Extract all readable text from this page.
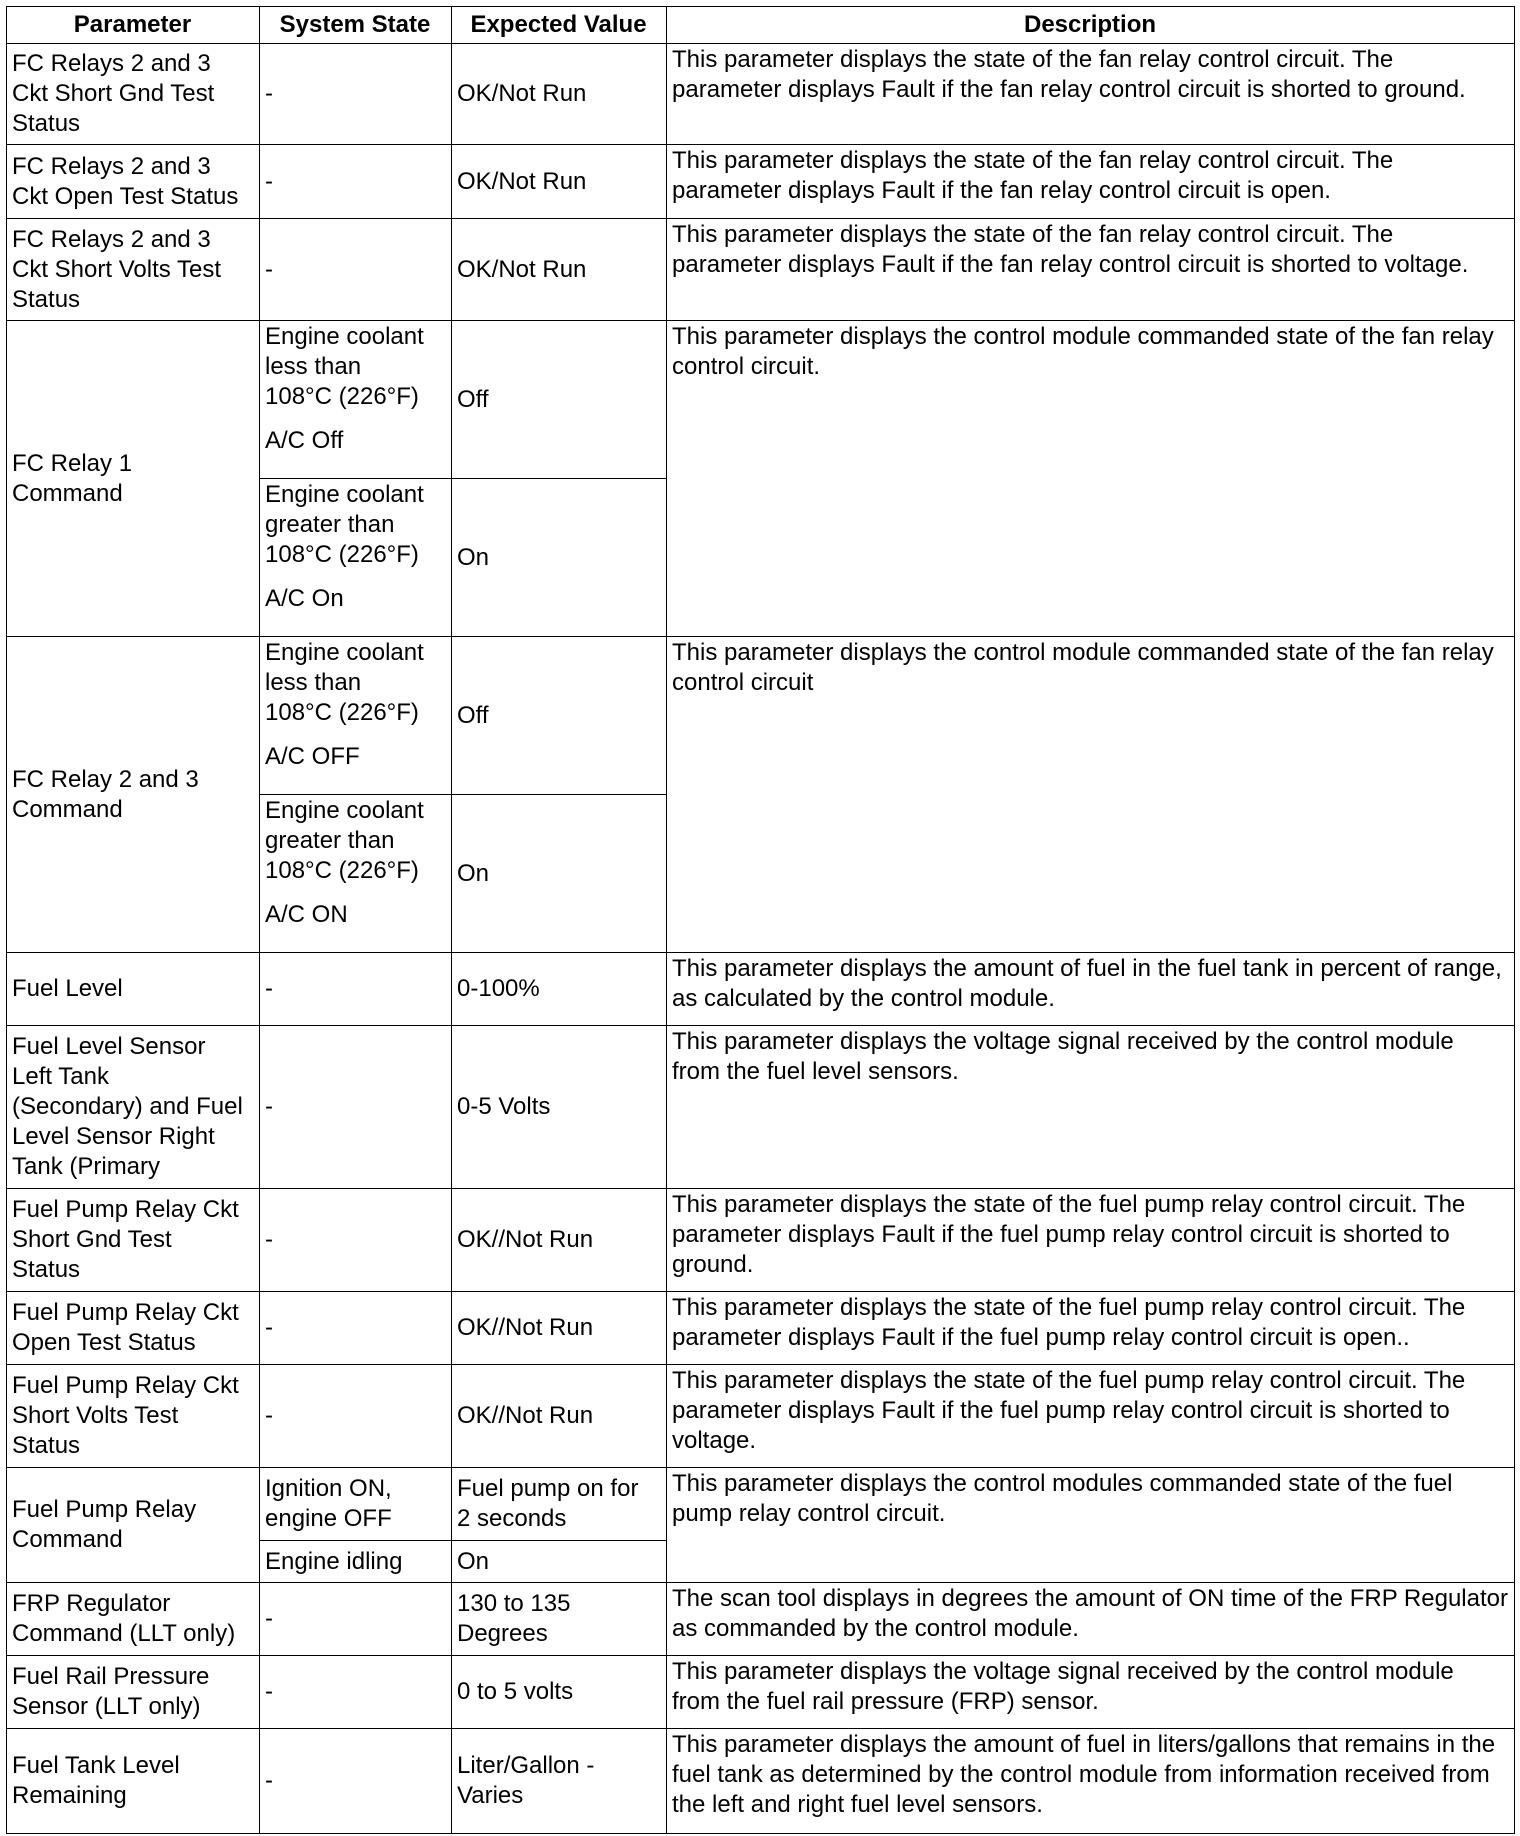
Parameter	System State	Expected Value	Description
FC Relays 2 and 3
Ckt Short Gnd Test
Status	-	OK/Not Run	This parameter displays the state of the fan relay control circuit. The parameter displays Fault if the fan relay control circuit is shorted to ground.
FC Relays 2 and 3
Ckt Open Test Status	-	OK/Not Run	This parameter displays the state of the fan relay control circuit. The parameter displays Fault if the fan relay control circuit is open.
FC Relays 2 and 3
Ckt Short Volts Test
Status	-	OK/Not Run	This parameter displays the state of the fan relay control circuit. The parameter displays Fault if the fan relay control circuit is shorted to voltage.
FC Relay 1
Command	Engine coolant
less than
108°C (226°F)
A/C Off	Off	This parameter displays the control module commanded state of the fan relay control circuit.
	Engine coolant
greater than
108°C (226°F)
A/C On	On	
FC Relay 2 and 3
Command	Engine coolant
less than
108°C (226°F)
A/C OFF	Off	This parameter displays the control module commanded state of the fan relay control circuit
	Engine coolant
greater than
108°C (226°F)
A/C ON	On	
Fuel Level	-	0-100%	This parameter displays the amount of fuel in the fuel tank in percent of range, as calculated by the control module.
Fuel Level Sensor
Left Tank
(Secondary) and Fuel
Level Sensor Right
Tank (Primary	-	0-5 Volts	This parameter displays the voltage signal received by the control module from the fuel level sensors.
Fuel Pump Relay Ckt
Short Gnd Test
Status	-	OK//Not Run	This parameter displays the state of the fuel pump relay control circuit. The parameter displays Fault if the fuel pump relay control circuit is shorted to ground.
Fuel Pump Relay Ckt
Open Test Status	-	OK//Not Run	This parameter displays the state of the fuel pump relay control circuit. The parameter displays Fault if the fuel pump relay control circuit is open..
Fuel Pump Relay Ckt
Short Volts Test
Status	-	OK//Not Run	This parameter displays the state of the fuel pump relay control circuit. The parameter displays Fault if the fuel pump relay control circuit is shorted to voltage.
Fuel Pump Relay
Command	Ignition ON,
engine OFF	Fuel pump on for
2 seconds	This parameter displays the control modules commanded state of the fuel pump relay control circuit.
	Engine idling	On	
FRP Regulator
Command (LLT only)	-	130 to 135
Degrees	The scan tool displays in degrees the amount of ON time of the FRP Regulator as commanded by the control module.
Fuel Rail Pressure
Sensor (LLT only)	-	0 to 5 volts	This parameter displays the voltage signal received by the control module from the fuel rail pressure (FRP) sensor.
Fuel Tank Level
Remaining	-	Liter/Gallon -
Varies	This parameter displays the amount of fuel in liters/gallons that remains in the fuel tank as determined by the control module from information received from the left and right fuel level sensors.
